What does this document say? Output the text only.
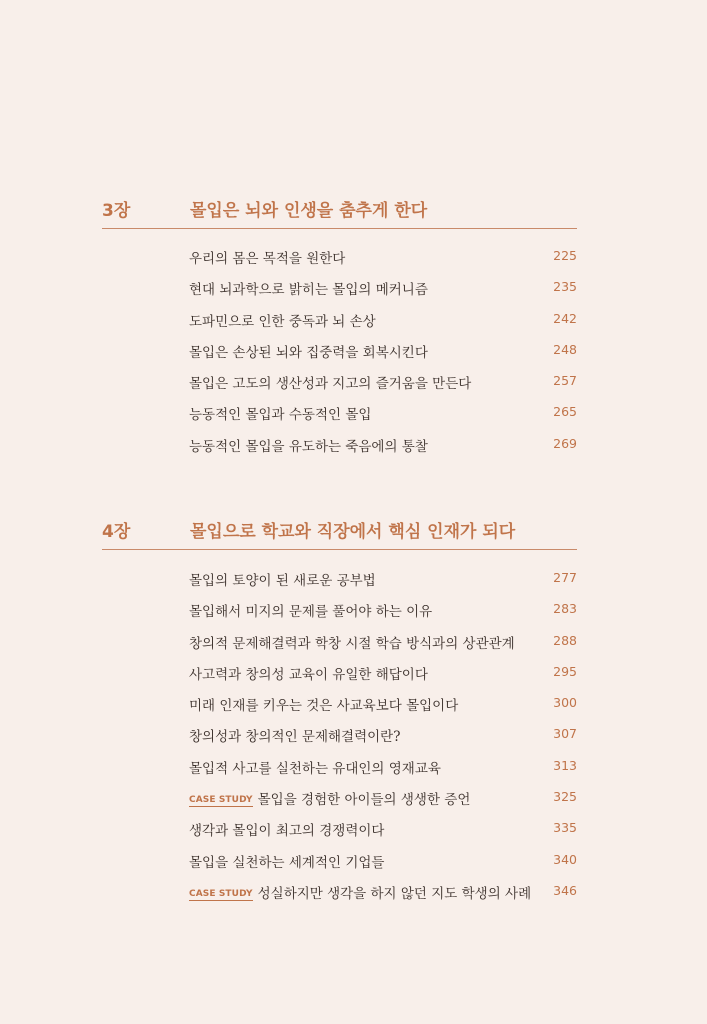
3장	몰입은 뇌와 인생을 춤추게 한다
우리의 몸은 목적을 원한다	225
현대 뇌과학으로 밝히는 몰입의 메커니즘	235
도파민으로 인한 중독과 뇌 손상	242
몰입은 손상된 뇌와 집중력을 회복시킨다	248
몰입은 고도의 생산성과 지고의 즐거움을 만든다	257
능동적인 몰입과 수동적인 몰입	265
능동적인 몰입을 유도하는 죽음에의 통찰	269
4장	몰입으로 학교와 직장에서 핵심 인재가 되다
몰입의 토양이 된 새로운 공부법	277
몰입해서 미지의 문제를 풀어야 하는 이유	283
창의적 문제해결력과 학창 시절 학습 방식과의 상관관계	288
사고력과 창의성 교육이 유일한 해답이다	295
미래 인재를 키우는 것은 사교육보다 몰입이다	300
창의성과 창의적인 문제해결력이란?	307
몰입적 사고를 실천하는 유대인의 영재교육	313
CASE STUDY 몰입을 경험한 아이들의 생생한 증언	325
생각과 몰입이 최고의 경쟁력이다	335
몰입을 실천하는 세계적인 기업들	340
CASE STUDY 성실하지만 생각을 하지 않던 지도 학생의 사례 346
